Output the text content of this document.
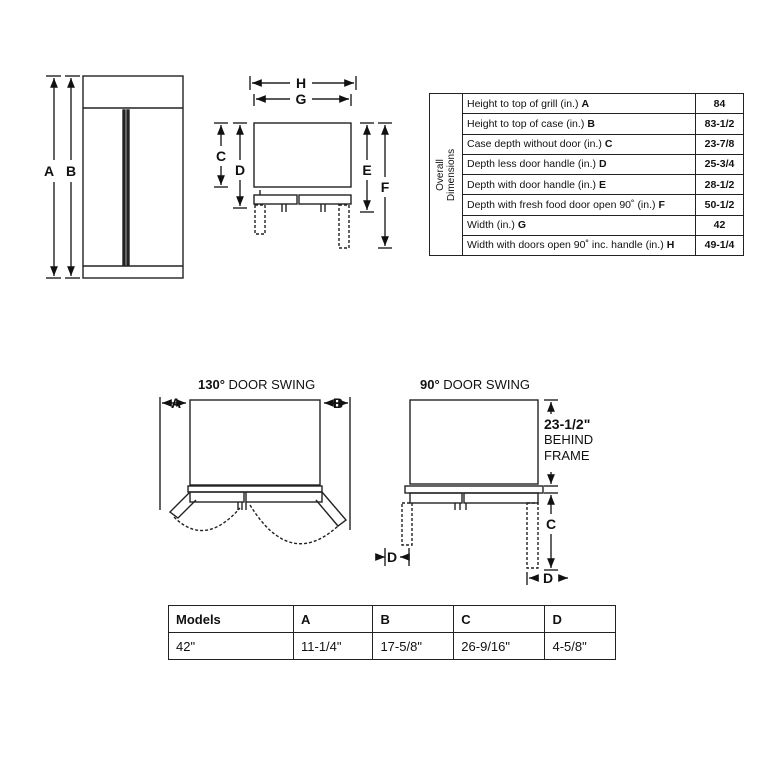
A B
H
G
C
D	E
F
A	B
C
D
D
Overall Dimensions
Height to top of grill (in.) A	84
Height to top of case (in.) B	83-1/2
Case depth without door (in.) C	23-7/8
Depth less door handle (in.) D	25-3/4
Depth with door handle (in.) E	28-1/2
Depth with fresh food door open 90˚ (in.) F	50-1/2
Width (in.) G	42
Width with doors open 90˚ inc. handle (in.) H	49-1/4
130° DOOR SWING	90° DOOR SWING
23-1/2"
BEHIND
FRAME
Models	A	B	C	D
42"	11-1/4"	17-5/8"	26-9/16"	4-5/8"
